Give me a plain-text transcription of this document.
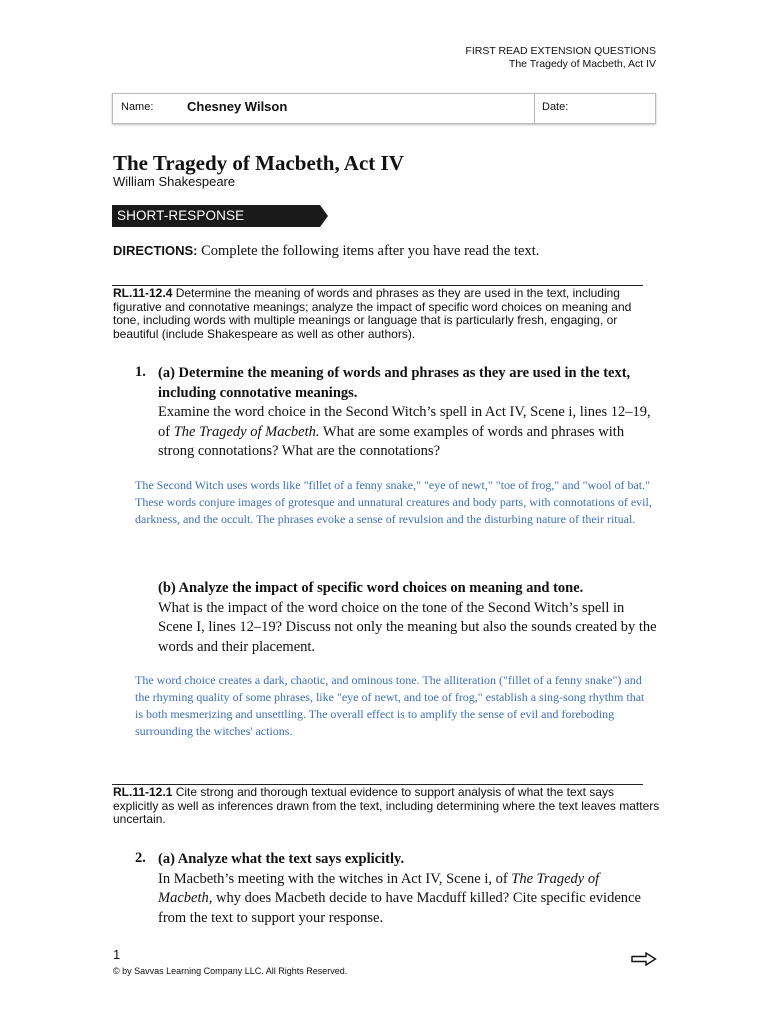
FIRST READ EXTENSION QUESTIONS
The Tragedy of Macbeth, Act IV
Name:	Chesney Wilson	Date:
The Tragedy of Macbeth, Act IV
William Shakespeare
SHORT-RESPONSE QUESTIONS
DIRECTIONS: Complete the following items after you have read the text.
RL.11-12.4 Determine the meaning of words and phrases as they are used in the text, including figurative and connotative meanings; analyze the impact of specific word choices on meaning and tone, including words with multiple meanings or language that is particularly fresh, engaging, or beautiful (include Shakespeare as well as other authors).
1. (a) Determine the meaning of words and phrases as they are used in the text, including connotative meanings.
Examine the word choice in the Second Witch’s spell in Act IV, Scene i, lines 12–19, of The Tragedy of Macbeth. What are some examples of words and phrases with strong connotations? What are the connotations?
The Second Witch uses words like "fillet of a fenny snake," "eye of newt," "toe of frog," and "wool of bat." These words conjure images of grotesque and unnatural creatures and body parts, with connotations of evil, darkness, and the occult. The phrases evoke a sense of revulsion and the disturbing nature of their ritual.
(b) Analyze the impact of specific word choices on meaning and tone.
What is the impact of the word choice on the tone of the Second Witch’s spell in Scene I, lines 12–19? Discuss not only the meaning but also the sounds created by the words and their placement.
The word choice creates a dark, chaotic, and ominous tone. The alliteration ("fillet of a fenny snake") and the rhyming quality of some phrases, like "eye of newt, and toe of frog," establish a sing-song rhythm that is both mesmerizing and unsettling. The overall effect is to amplify the sense of evil and foreboding surrounding the witches' actions.
RL.11-12.1 Cite strong and thorough textual evidence to support analysis of what the text says explicitly as well as inferences drawn from the text, including determining where the text leaves matters uncertain.
2. (a) Analyze what the text says explicitly.
In Macbeth’s meeting with the witches in Act IV, Scene i, of The Tragedy of Macbeth, why does Macbeth decide to have Macduff killed? Cite specific evidence from the text to support your response.
1
© by Savvas Learning Company LLC. All Rights Reserved.
